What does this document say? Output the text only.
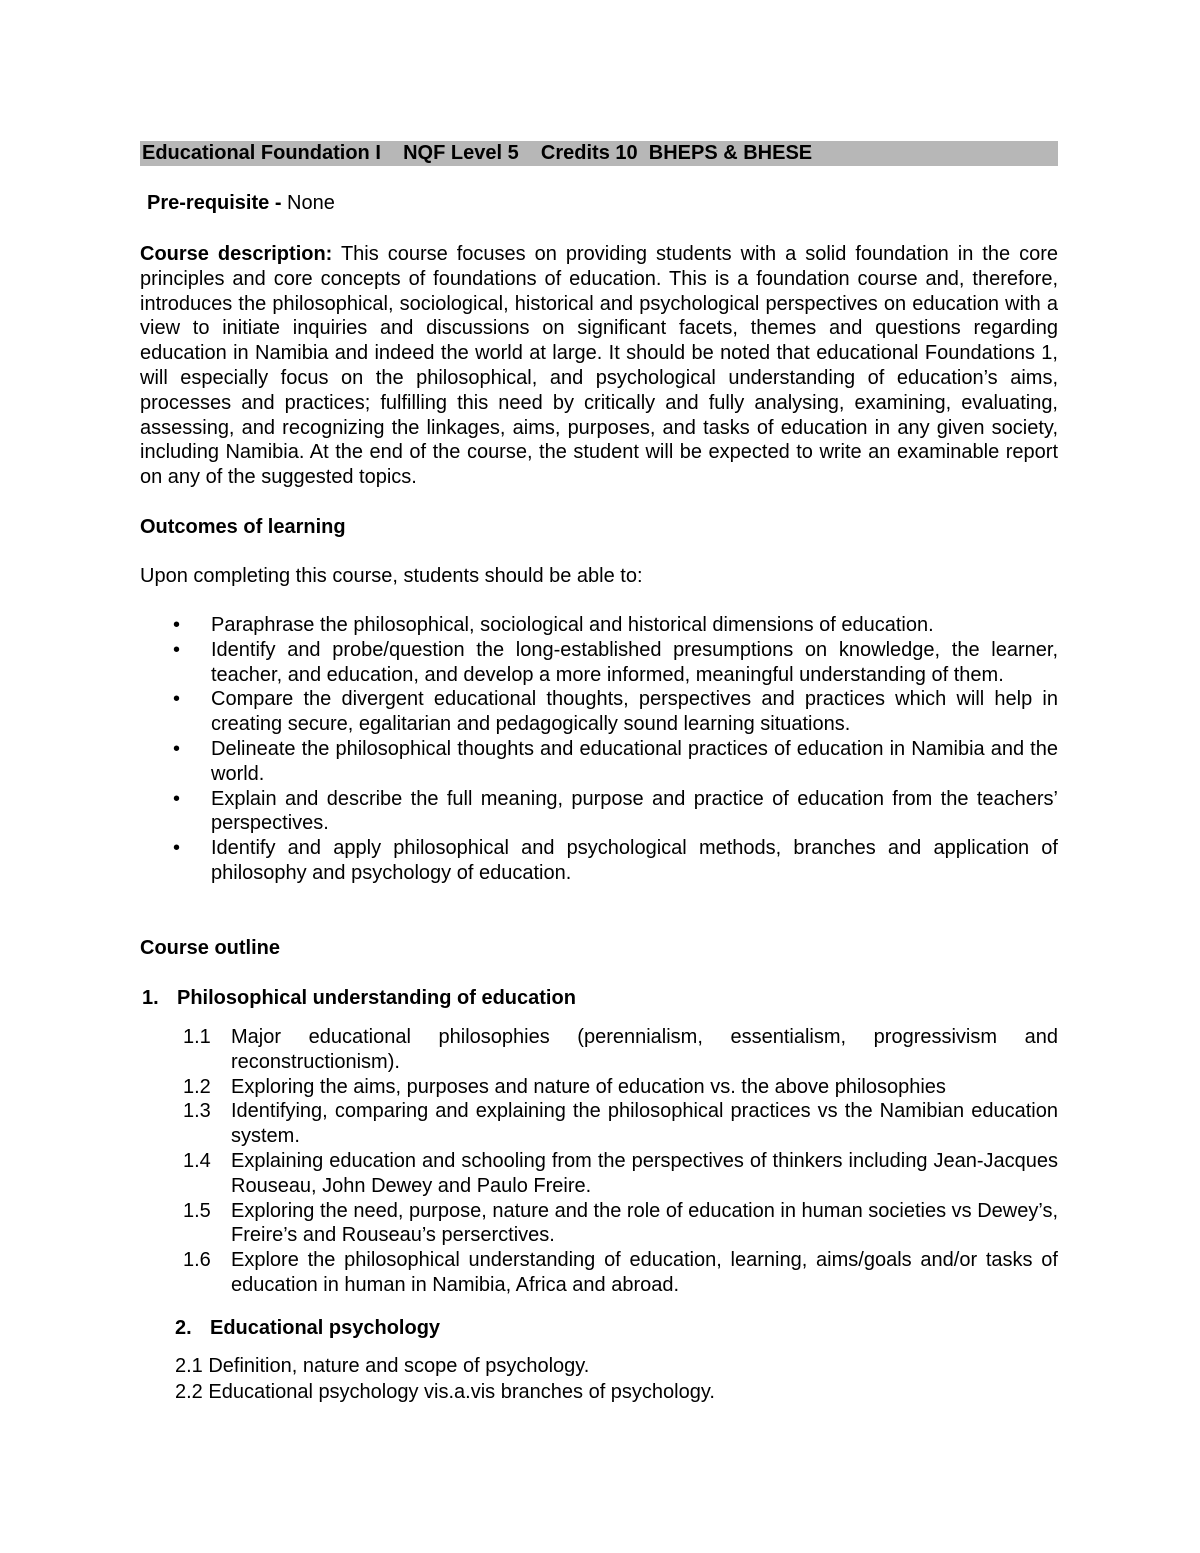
Educational Foundation I    NQF Level 5    Credits 10  BHEPS & BHESE
Pre-requisite - None
Course description: This course focuses on providing students with a solid foundation in the core principles and core concepts of foundations of education. This is a foundation course and, therefore, introduces the philosophical, sociological, historical and psychological perspectives on education with a view to initiate inquiries and discussions on significant facets, themes and questions regarding education in Namibia and indeed the world at large. It should be noted that educational Foundations 1, will especially focus on the philosophical, and psychological understanding of education’s aims, processes and practices; fulfilling this need by critically and fully analysing, examining, evaluating, assessing, and recognizing the linkages, aims, purposes, and tasks of education in any given society, including Namibia. At the end of the course, the student will be expected to write an examinable report on any of the suggested topics.
Outcomes of learning
Upon completing this course, students should be able to:
• Paraphrase the philosophical, sociological and historical dimensions of education.
• Identify and probe/question the long-established presumptions on knowledge, the learner, teacher, and education, and develop a more informed, meaningful understanding of them.
• Compare the divergent educational thoughts, perspectives and practices which will help in creating secure, egalitarian and pedagogically sound learning situations.
• Delineate the philosophical thoughts and educational practices of education in Namibia and the world.
• Explain and describe the full meaning, purpose and practice of education from the teachers’ perspectives.
• Identify and apply philosophical and psychological methods, branches and application of philosophy and psychology of education.
Course outline
1. Philosophical understanding of education
1.1 Major educational philosophies (perennialism, essentialism, progressivism and reconstructionism).
1.2 Exploring the aims, purposes and nature of education vs. the above philosophies
1.3 Identifying, comparing and explaining the philosophical practices vs the Namibian education system.
1.4 Explaining education and schooling from the perspectives of thinkers including Jean-Jacques Rouseau, John Dewey and Paulo Freire.
1.5 Exploring the need, purpose, nature and the role of education in human societies vs Dewey’s, Freire’s and Rouseau’s perserctives.
1.6 Explore the philosophical understanding of education, learning, aims/goals and/or tasks of education in human in Namibia, Africa and abroad.
2. Educational psychology
2.1 Definition, nature and scope of psychology.
2.2 Educational psychology vis.a.vis branches of psychology.
